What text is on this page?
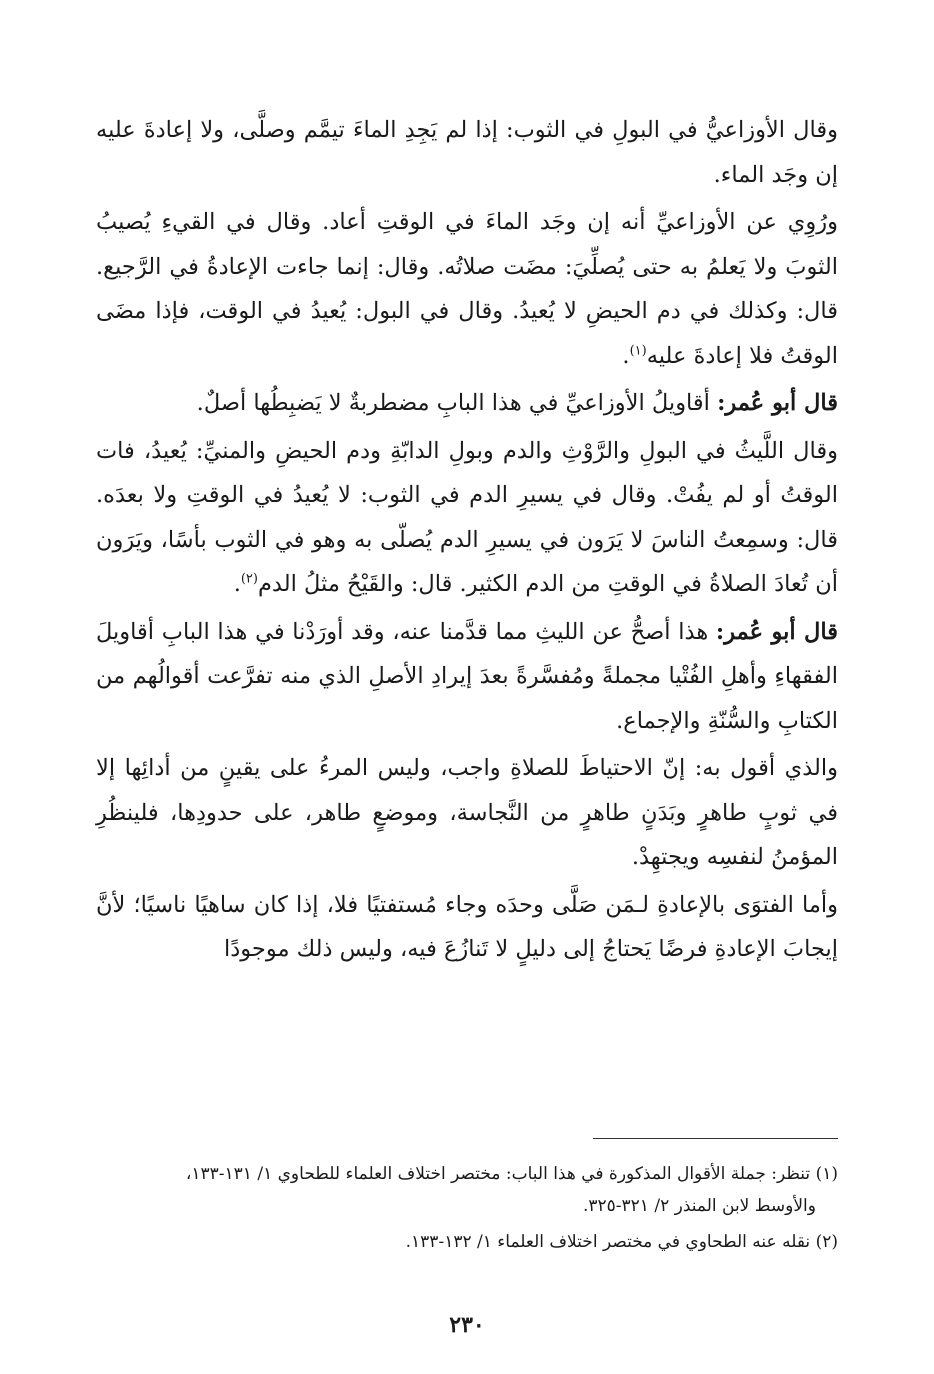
وقال الأوزاعيُّ في البولِ في الثوب: إذا لم يَجِدِ الماءَ تيمَّم وصلَّى، ولا إعادةَ عليه إن وجَد الماء.

ورُوِي عن الأوزاعيِّ أنه إن وجَد الماءَ في الوقتِ أعاد. وقال في القيءِ يُصيبُ الثوبَ ولا يَعلمُ به حتى يُصلِّيَ: مضَت صلاتُه. وقال: إنما جاءت الإعادةُ في الرَّجيع. قال: وكذلك في دم الحيضِ لا يُعيدُ. وقال في البول: يُعيدُ في الوقت، فإذا مضَى الوقتُ فلا إعادةَ عليه$^{(١)}$.

قال أبو عُمر: أقاويلُ الأوزاعيِّ في هذا البابِ مضطربةٌ لا يَضبِطُها أصلٌ.

وقال اللَّيثُ في البولِ والرَّوْثِ والدم وبولِ الدابّةِ ودم الحيضِ والمنيِّ: يُعيدُ، فات الوقتُ أو لم يفُتْ. وقال في يسيرِ الدم في الثوب: لا يُعيدُ في الوقتِ ولا بعدَه. قال: وسمِعتُ الناسَ لا يَرَون في يسيرِ الدم يُصلّى به وهو في الثوب بأسًا، ويَرَون أن تُعادَ الصلاةُ في الوقتِ من الدم الكثير. قال: والقَيْحُ مثلُ الدم$^{(٢)}$.

قال أبو عُمر: هذا أصحُّ عن الليثِ مما قدَّمنا عنه، وقد أورَدْنا في هذا البابِ أقاويلَ الفقهاءِ وأهلِ الفُتْيا مجملةً ومُفسَّرةً بعدَ إيرادِ الأصلِ الذي منه تفرَّعت أقوالُهم من الكتابِ والسُّنّةِ والإجماع.

والذي أقول به: إنّ الاحتياطَ للصلاةِ واجب، وليس المرءُ على يقينٍ من أدائِها إلا في ثوبٍ طاهرٍ وبَدَنٍ طاهرٍ من النَّجاسة، وموضعٍ طاهر، على حدودِها، فلينظُرِ المؤمنُ لنفسِه ويجتهِدْ.

وأما الفتوَى بالإعادةِ لـمَن صَلَّى وحدَه وجاء مُستفتيًا فلا، إذا كان ساهيًا ناسيًا؛ لأنَّ إيجابَ الإعادةِ فرضًا يَحتاجُ إلى دليلٍ لا تَنازُعَ فيه، وليس ذلك موجودًا

(١) تنظر: جملة الأقوال المذكورة في هذا الباب: مختصر اختلاف العلماء للطحاوي ١/ ١٣١-١٣٣،
والأوسط لابن المنذر ٢/ ٣٢١-٣٢٥.

(٢) نقله عنه الطحاوي في مختصر اختلاف العلماء ١/ ١٣٢-١٣٣.

٢٣٠
